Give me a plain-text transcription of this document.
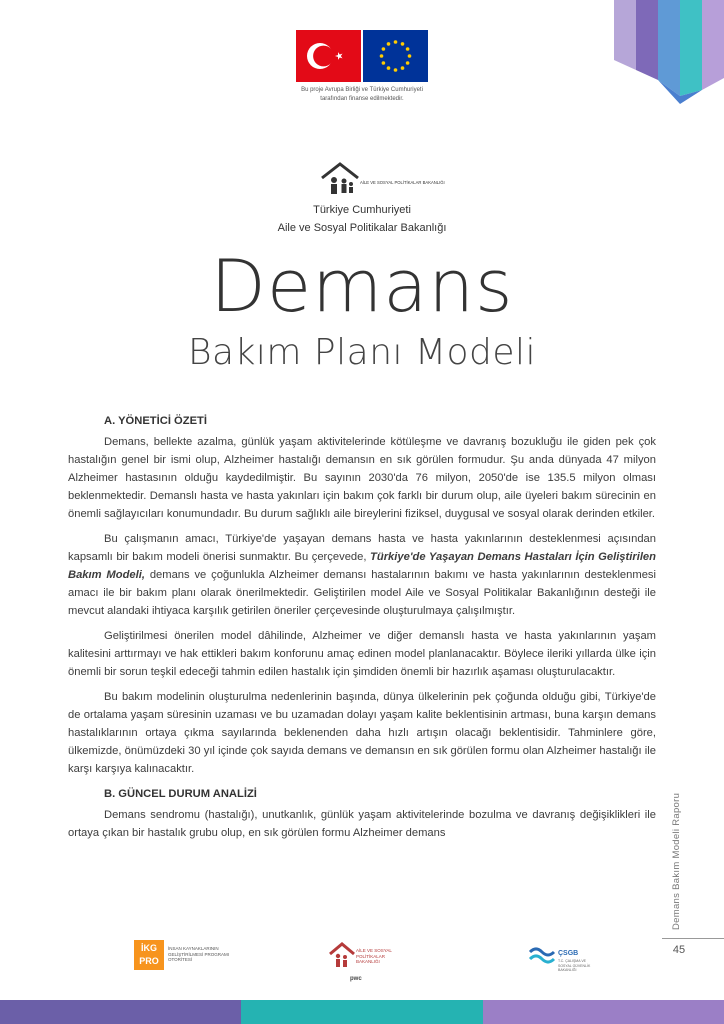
Bu proje Avrupa Birliği ve Türkiye Cumhuriyeti
tarafından finanse edilmektedir.
AİLE VE SOSYAL POLİTİKALAR BAKANLIĞI
Türkiye Cumhuriyeti
Aile ve Sosyal Politikalar Bakanlığı
Demans
Bakım Planı Modeli
A. YÖNETİCİ ÖZETİ

Demans, bellekte azalma, günlük yaşam aktivitelerinde kötüleşme ve davranış bozukluğu ile giden pek çok hastalığın genel bir ismi olup, Alzheimer hastalığı demansın en sık görülen formudur. Şu anda dünyada 47 milyon Alzheimer hastasının olduğu kaydedilmiştir. Bu sayının 2030'da 76 milyon, 2050'de ise 135.5 milyon olması beklenmektedir. Demanslı hasta ve hasta yakınları için bakım çok farklı bir durum olup, aile üyeleri bakım sürecinin en önemli sağlayıcıları konumundadır. Bu durum sağlıklı aile bireylerini fiziksel, duygusal ve sosyal olarak derinden etkiler.

Bu çalışmanın amacı, Türkiye'de yaşayan demans hasta ve hasta yakınlarının desteklenmesi açısından kapsamlı bir bakım modeli önerisi sunmaktır. Bu çerçevede, Türkiye'de Yaşayan Demans Hastaları İçin Geliştirilen Bakım Modeli, demans ve çoğunlukla Alzheimer demansı hastalarının bakımı ve hasta yakınlarının desteklenmesi amacı ile bir bakım planı olarak önerilmektedir. Geliştirilen model Aile ve Sosyal Politikalar Bakanlığının desteği ile mevcut alandaki ihtiyaca karşılık getirilen öneriler çerçevesinde oluşturulmaya çalışılmıştır.

Geliştirilmesi önerilen model dâhilinde, Alzheimer ve diğer demanslı hasta ve hasta yakınlarının yaşam kalitesini arttırmayı ve hak ettikleri bakım konforunu amaç edinen model planlanacaktır. Böylece ileriki yıllarda ülke için önemli bir sorun teşkil edeceği tahmin edilen hastalık için şimdiden önemli bir hazırlık aşaması oluşturulacaktır.

Bu bakım modelinin oluşturulma nedenlerinin başında, dünya ülkelerinin pek çoğunda olduğu gibi, Türkiye'de de ortalama yaşam süresinin uzaması ve bu uzamadan dolayı yaşam kalite beklentisinin artması, buna karşın demans hastalıklarının ortaya çıkma sayılarında beklenenden daha hızlı artışın olacağı beklentisidir. Tahminlere göre, ülkemizde, önümüzdeki 30 yıl içinde çok sayıda demans ve demansın en sık görülen formu olan Alzheimer hastalığı ile karşı karşıya kalınacaktır.

B. GÜNCEL DURUM ANALİZİ

Demans sendromu (hastalığı), unutkanlık, günlük yaşam aktivitelerinde bozulma ve davranış değişiklikleri ile ortaya çıkan bir hastalık grubu olup, en sık görülen formu Alzheimer demans	Demans Bakım Modeli Raporu
45
İKG PRO
İNSAN KAYNAKLARININ GELİŞTİRİLMESİ PROGRAMI OTORİTESİ
AİLE VE SOSYAL POLİTİKALAR BAKANLIĞI
pwc
ÇSGB
T.C. ÇALIŞMA VE SOSYAL GÜVENLİK BAKANLIĞI
